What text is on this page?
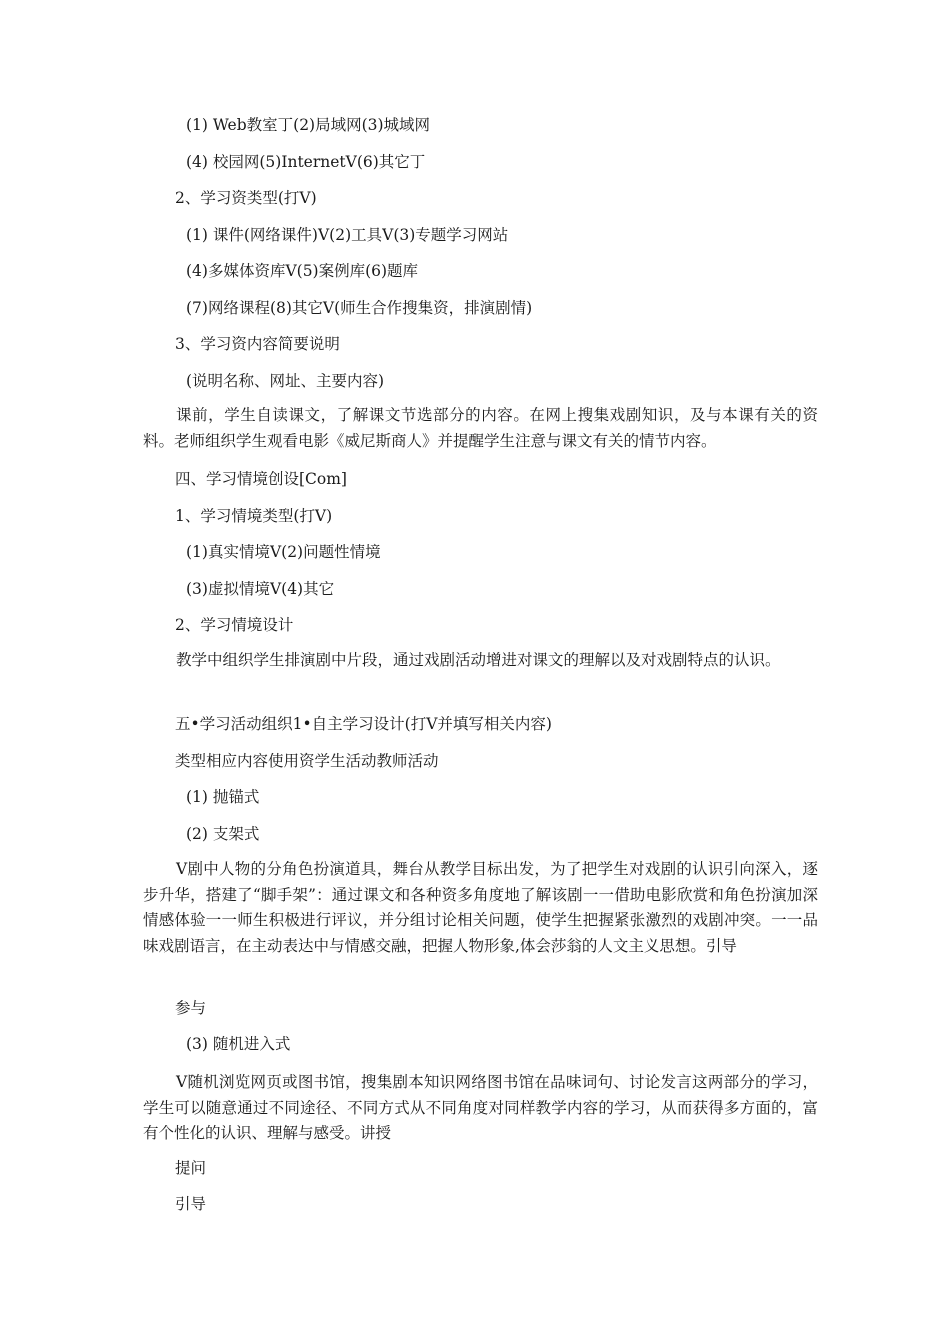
(1) Web教室丁(2)局域网(3)城域网

(4) 校园网(5)InternetV(6)其它丁

2、学习资类型(打V)

(1) 课件(网络课件)V(2)工具V(3)专题学习网站

(4)多媒体资库V(5)案例库(6)题库

(7)网络课程(8)其它V(师生合作搜集资，排演剧情)

3、学习资内容简要说明

(说明名称、网址、主要内容)

课前，学生自读课文，了解课文节选部分的内容。在网上搜集戏剧知识，及与本课有关的资料。老师组织学生观看电影《威尼斯商人》并提醒学生注意与课文有关的情节内容。

四、学习情境创设[Com]

1、学习情境类型(打V)

(1)真实情境V(2)问题性情境

(3)虚拟情境V(4)其它

2、学习情境设计

教学中组织学生排演剧中片段，通过戏剧活动增进对课文的理解以及对戏剧特点的认识。

五•学习活动组织1•自主学习设计(打V并填写相关内容)

类型相应内容使用资学生活动教师活动

(1) 抛锚式

(2) 支架式

V剧中人物的分角色扮演道具，舞台从教学目标出发，为了把学生对戏剧的认识引向深入，逐步升华，搭建了“脚手架”：通过课文和各种资多角度地了解该剧一一借助电影欣赏和角色扮演加深情感体验一一师生积极进行评议，并分组讨论相关问题，使学生把握紧张激烈的戏剧冲突。一一品味戏剧语言，在主动表达中与情感交融，把握人物形象,体会莎翁的人文主义思想。引导

参与

(3) 随机进入式

V随机浏览网页或图书馆，搜集剧本知识网络图书馆在品味词句、讨论发言这两部分的学习，学生可以随意通过不同途径、不同方式从不同角度对同样教学内容的学习，从而获得多方面的，富有个性化的认识、理解与感受。讲授

提问

引导
